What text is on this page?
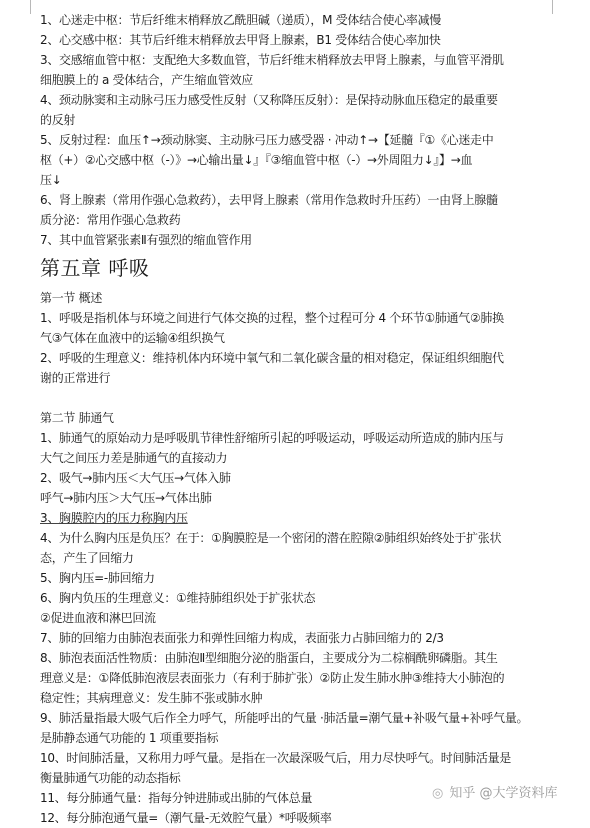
1、心迷走中枢：节后纤维末梢释放乙酰胆碱（递质），M 受体结合使心率减慢
2、心交感中枢：其节后纤维末梢释放去甲肾上腺素，B1 受体结合使心率加快
3、交感缩血管中枢：支配绝大多数血管，节后纤维末梢释放去甲肾上腺素，与血管平滑肌
细胞膜上的 a 受体结合，产生缩血管效应
4、颈动脉窦和主动脉弓压力感受性反射（又称降压反射）：是保持动脉血压稳定的最重要
的反射
5、反射过程：血压↑→颈动脉窦、主动脉弓压力感受器 · 冲动↑→【延髓『①《心迷走中
枢（+）②心交感中枢（-）》→心输出量↓』『③缩血管中枢（-）→外周阻力↓』】→血
压↓
6、肾上腺素（常用作强心急救药），去甲肾上腺素（常用作急救时升压药）一由肾上腺髓
质分泌：常用作强心急救药
7、其中血管紧张素Ⅱ有强烈的缩血管作用
第五章 呼吸
第一节 概述
1、呼吸是指机体与环境之间进行气体交换的过程，整个过程可分 4 个环节①肺通气②肺换
气③气体在血液中的运输④组织换气
2、呼吸的生理意义：维持机体内环境中氧气和二氧化碳含量的相对稳定，保证组织细胞代
谢的正常进行
第二节 肺通气
1、肺通气的原始动力是呼吸肌节律性舒缩所引起的呼吸运动，呼吸运动所造成的肺内压与
大气之间压力差是肺通气的直接动力
2、吸气→肺内压＜大气压→气体入肺
呼气→肺内压＞大气压→气体出肺
3、胸膜腔内的压力称胸内压
4、为什么胸内压是负压？在于：①胸膜腔是一个密闭的潜在腔隙②肺组织始终处于扩张状
态，产生了回缩力
5、胸内压=-肺回缩力
6、胸内负压的生理意义：①维持肺组织处于扩张状态
②促进血液和淋巴回流
7、肺的回缩力由肺泡表面张力和弹性回缩力构成，表面张力占肺回缩力的 2/3
8、肺泡表面活性物质：由肺泡Ⅱ型细胞分泌的脂蛋白，主要成分为二棕榈酰卵磷脂。其生
理意义是：①降低肺泡液层表面张力（有利于肺扩张）②防止发生肺水肿③维持大小肺泡的
稳定性；其病理意义：发生肺不张或肺水肿
9、肺活量指最大吸气后作全力呼气，所能呼出的气量 ·肺活量=潮气量+补吸气量+补呼气量。
是肺静态通气功能的 1 项重要指标
10、时间肺活量，又称用力呼气量。是指在一次最深吸气后，用力尽快呼气。时间肺活量是
衡量肺通气功能的动态指标
11、每分肺通气量：指每分钟进肺或出肺的气体总量
12、每分肺泡通气量=（潮气量-无效腔气量）*呼吸频率
◎ 知乎 @大学资料库
